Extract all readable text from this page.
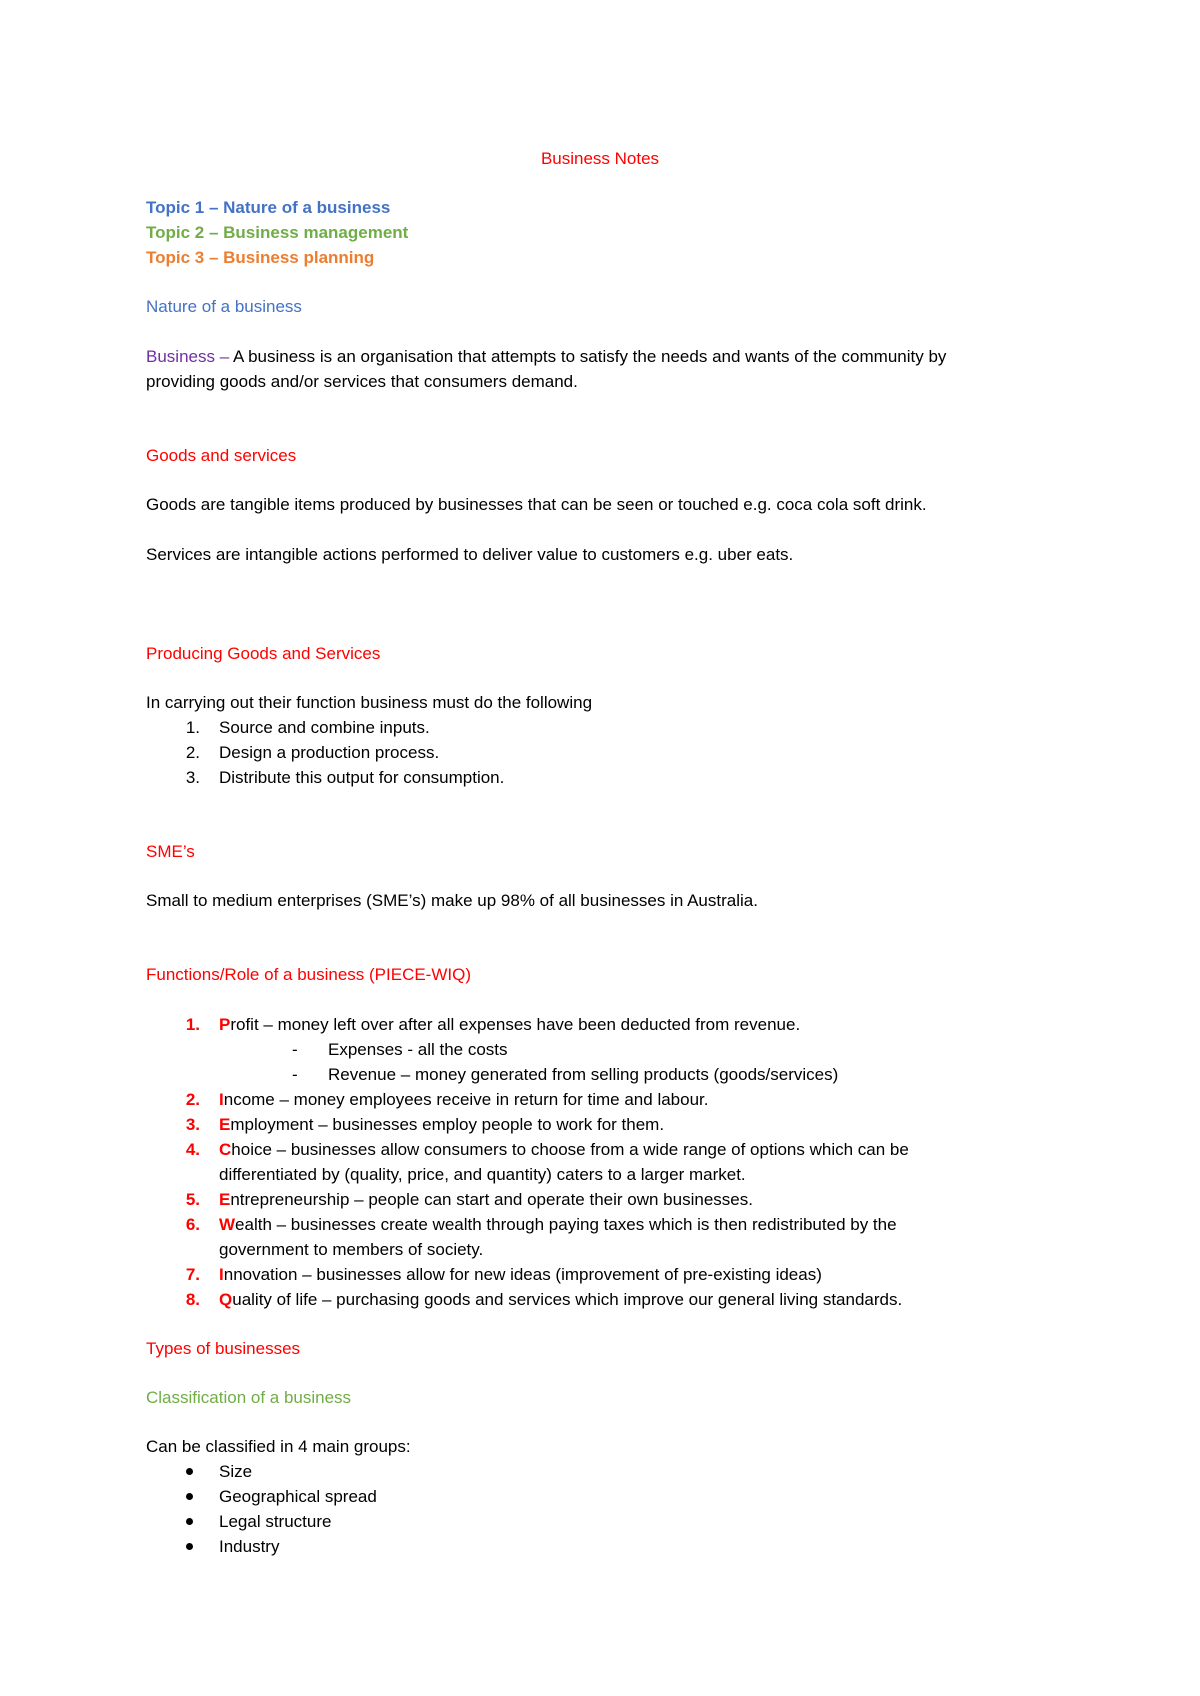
Business Notes
Topic 1 – Nature of a business
Topic 2 – Business management
Topic 3 – Business planning
Nature of a business
Business – A business is an organisation that attempts to satisfy the needs and wants of the community by
providing goods and/or services that consumers demand.
Goods and services
Goods are tangible items produced by businesses that can be seen or touched e.g. coca cola soft drink.
Services are intangible actions performed to deliver value to customers e.g. uber eats.
Producing Goods and Services
In carrying out their function business must do the following
1. Source and combine inputs.
2. Design a production process.
3. Distribute this output for consumption.
SME’s
Small to medium enterprises (SME’s) make up 98% of all businesses in Australia.
Functions/Role of a business (PIECE-WIQ)
1. Profit – money left over after all expenses have been deducted from revenue.
- Expenses - all the costs
- Revenue – money generated from selling products (goods/services)
2. Income – money employees receive in return for time and labour.
3. Employment – businesses employ people to work for them.
4. Choice – businesses allow consumers to choose from a wide range of options which can be
differentiated by (quality, price, and quantity) caters to a larger market.
5. Entrepreneurship – people can start and operate their own businesses.
6. Wealth – businesses create wealth through paying taxes which is then redistributed by the
government to members of society.
7. Innovation – businesses allow for new ideas (improvement of pre-existing ideas)
8. Quality of life – purchasing goods and services which improve our general living standards.
Types of businesses
Classification of a business
Can be classified in 4 main groups:
Size
Geographical spread
Legal structure
Industry
